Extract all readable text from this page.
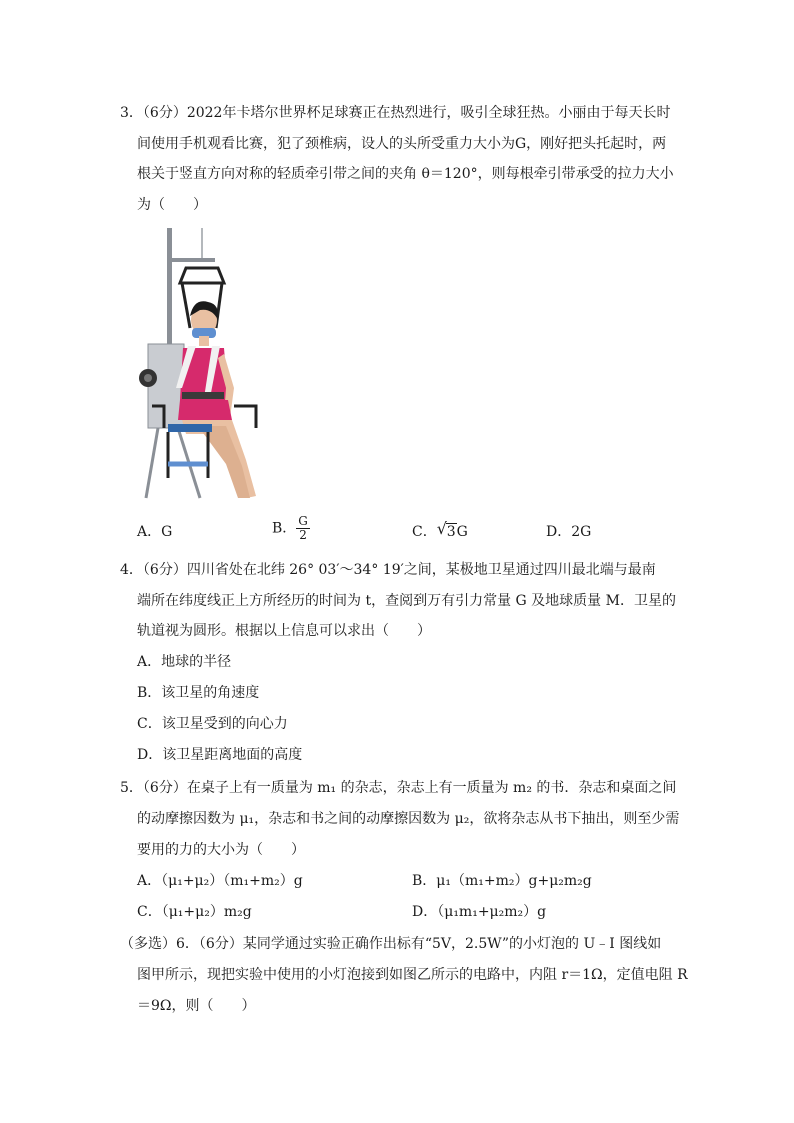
3．（6分）2022年卡塔尔世界杯足球赛正在热烈进行，吸引全球狂热。小丽由于每天长时
间使用手机观看比赛，犯了颈椎病，设人的头所受重力大小为G，刚好把头托起时，两
根关于竖直方向对称的轻质牵引带之间的夹角 θ＝120°，则每根牵引带承受的拉力大小
为（　　）
A．G	B． $\frac{G}{2}$	C． √ 3G	D．2G
4．（6分）四川省处在北纬 26° 03′～34° 19′之间，某极地卫星通过四川最北端与最南
端所在纬度线正上方所经历的时间为 t，查阅到万有引力常量 G 及地球质量 M．卫星的
轨道视为圆形。根据以上信息可以求出（　　）
A．地球的半径
B．该卫星的角速度
C．该卫星受到的向心力
D．该卫星距离地面的高度
5．（6分）在桌子上有一质量为 m₁ 的杂志，杂志上有一质量为 m₂ 的书．杂志和桌面之间
的动摩擦因数为 μ₁，杂志和书之间的动摩擦因数为 μ₂，欲将杂志从书下抽出，则至少需
要用的力的大小为（　　）
A．（μ₁+μ₂）（m₁+m₂）g	B．μ₁（m₁+m₂）g+μ₂m₂g
C．（μ₁+μ₂）m₂g	D．（μ₁m₁+μ₂m₂）g
（多选）6．（6分）某同学通过实验正确作出标有“5V，2.5W”的小灯泡的 U﹣I 图线如
图甲所示，现把实验中使用的小灯泡接到如图乙所示的电路中，内阻 r＝1Ω，定值电阻 R
＝9Ω，则（　　）
